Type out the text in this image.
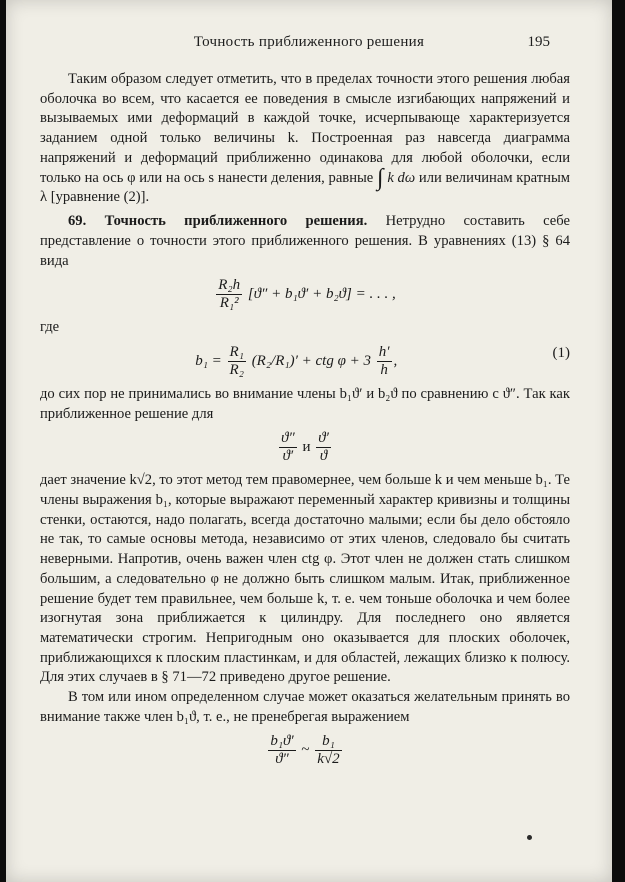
Точность приближенного решения	195

Таким образом следует отметить, что в пределах точности этого решения любая оболочка во всем, что касается ее поведения в смысле изгибающих напряжений и вызываемых ими деформаций в каждой точке, исчерпывающе характеризуется заданием одной только величины k. Построенная раз навсегда диаграмма напряжений и деформаций приближенно одинакова для любой оболочки, если только на ось φ или на ось s нанести деления, равные ∫ k dω или величинам кратным λ [уравнение (2)].

69. Точность приближенного решения. Нетрудно составить себе представление о точности этого приближенного решения. В уравнениях (13) § 64 вида

$\frac{\text{R₂h}}{\text{R₁²}} [ϑ'' + b_1ϑ' + b_2ϑ]$ = . . . ,

где

$b_1 = \frac{\text{R₁}}{\text{R₂}} (R_2/R_1)'$ + ctg $\varphi + 3 \frac{h'}{h}$ ,	(1)

до сих пор не принимались во внимание члены b₁ϑ′ и b₂ϑ по сравнению с ϑ″. Так как приближенное решение для

$\frac{ϑ''}{ϑ'}$ и $\frac{ϑ'}{ϑ}$

дает значение k√2, то этот метод тем правомернее, чем больше k и чем меньше b₁. Те члены выражения b₁, которые выражают переменный характер кривизны и толщины стенки, остаются, надо полагать, всегда достаточно малыми; если бы дело обстояло не так, то самые основы метода, независимо от этих членов, следовало бы считать неверными. Напротив, очень важен член ctg φ. Этот член не должен стать слишком большим, а следовательно φ не должно быть слишком малым. Итак, приближенное решение будет тем правильнее, чем больше k, т. е. чем тоньше оболочка и чем более изогнутая зона приближается к цилиндру. Для последнего оно является математически строгим. Непригодным оно оказывается для плоских оболочек, приближающихся к плоским пластинкам, и для областей, лежащих близко к полюсу. Для этих случаев в § 71—72 приведено другое решение.

В том или ином определенном случае может оказаться желательным принять во внимание также член b₁ϑ, т. е., не пренебрегая выражением

$\frac{\text{b₁ϑ′}}{ϑ''}$ ~ $\frac{\text{b₁}}{k√2}$
